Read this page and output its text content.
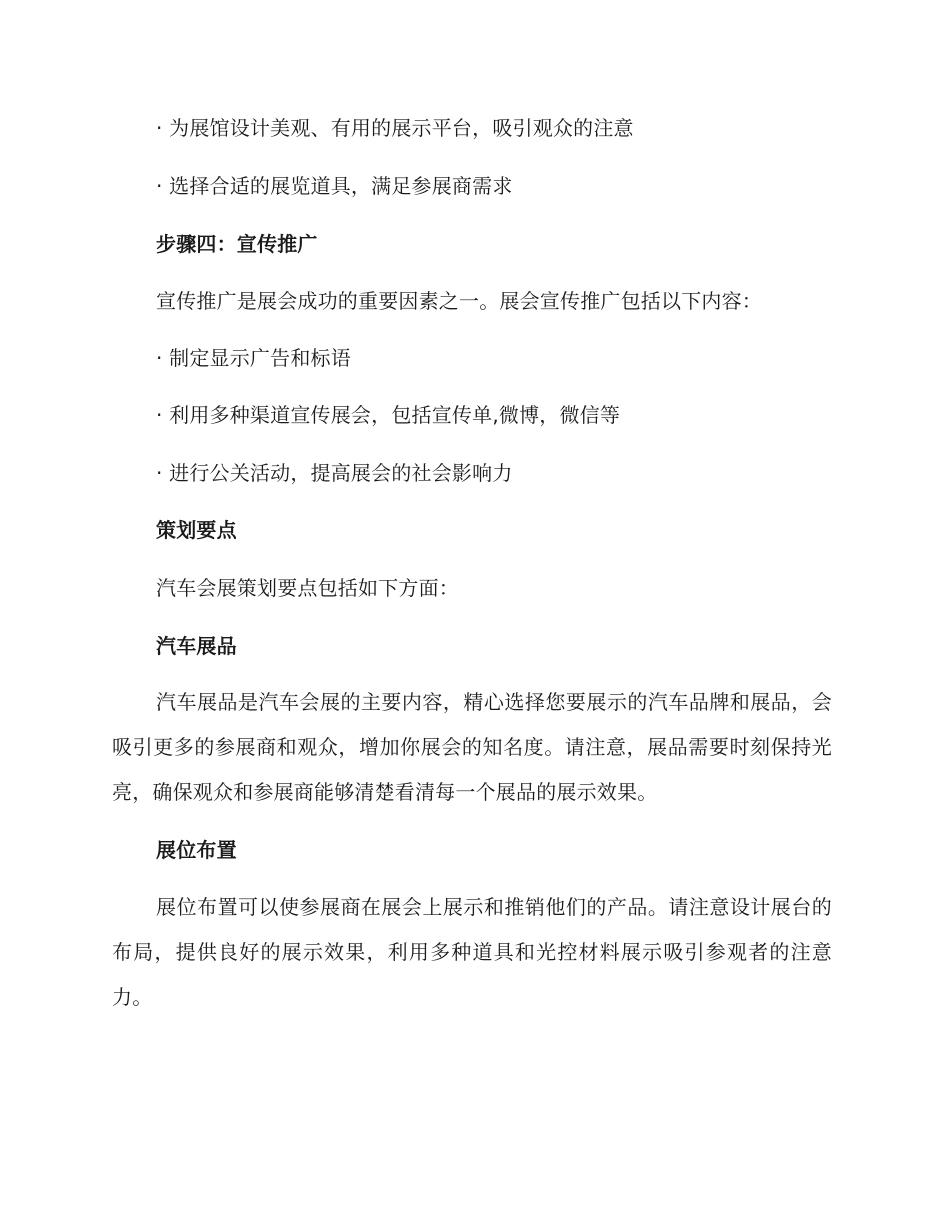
· 为展馆设计美观、有用的展示平台，吸引观众的注意
· 选择合适的展览道具，满足参展商需求
步骤四：宣传推广
宣传推广是展会成功的重要因素之一。展会宣传推广包括以下内容：
· 制定显示广告和标语
· 利用多种渠道宣传展会，包括宣传单,微博，微信等
· 进行公关活动，提高展会的社会影响力
策划要点
汽车会展策划要点包括如下方面：
汽车展品
汽车展品是汽车会展的主要内容，精心选择您要展示的汽车品牌和展品，会吸引更多的参展商和观众，增加你展会的知名度。请注意，展品需要时刻保持光亮，确保观众和参展商能够清楚看清每一个展品的展示效果。
展位布置
展位布置可以使参展商在展会上展示和推销他们的产品。请注意设计展台的布局，提供良好的展示效果，利用多种道具和光控材料展示吸引参观者的注意力。
